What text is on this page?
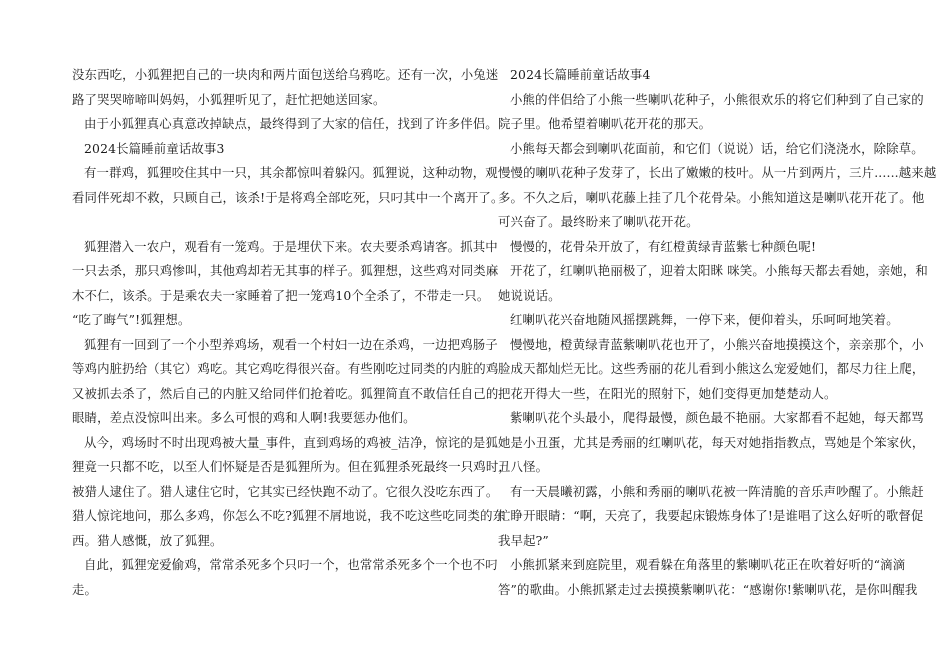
没东西吃，小狐狸把自己的一块肉和两片面包送给乌鸦吃。还有一次，小兔迷
路了哭哭啼啼叫妈妈，小狐狸听见了，赶忙把她送回家。
由于小狐狸真心真意改掉缺点，最终得到了大家的信任，找到了许多伴侣。
2024长篇睡前童话故事3
有一群鸡，狐狸咬住其中一只，其余都惊叫着躲闪。狐狸说，这种动物，观
看同伴死却不救，只顾自己，该杀!于是将鸡全部吃死，只叼其中一个离开了。
狐狸潜入一农户，观看有一笼鸡。于是埋伏下来。农夫要杀鸡请客。抓其中
一只去杀，那只鸡惨叫，其他鸡却若无其事的样子。狐狸想，这些鸡对同类麻
木不仁，该杀。于是乘农夫一家睡着了把一笼鸡10个全杀了，不带走一只。
“吃了晦气”!狐狸想。
狐狸有一回到了一个小型养鸡场，观看一个村妇一边在杀鸡，一边把鸡肠子
等鸡内脏扔给（其它）鸡吃。其它鸡吃得很兴奋。有些刚吃过同类的内脏的鸡
又被抓去杀了，然后自己的内脏又给同伴们抢着吃。狐狸简直不敢信任自己的
眼睛，差点没惊叫出来。多么可恨的鸡和人啊!我要惩办他们。
从今，鸡场时不时出现鸡被大量_事件，直到鸡场的鸡被_洁净，惊诧的是狐
狸竟一只都不吃，以至人们怀疑是否是狐狸所为。但在狐狸杀死最终一只鸡时，
被猎人逮住了。猎人逮住它时，它其实已经快跑不动了。它很久没吃东西了。
猎人惊诧地问，那么多鸡，你怎么不吃?狐狸不屑地说，我不吃这些吃同类的东
西。猎人感慨，放了狐狸。
自此，狐狸宠爱偷鸡，常常杀死多个只叼一个，也常常杀死多个一个也不叼
走。
2024长篇睡前童话故事4
小熊的伴侣给了小熊一些喇叭花种子，小熊很欢乐的将它们种到了自己家的
院子里。他希望着喇叭花开花的那天。
小熊每天都会到喇叭花面前，和它们（说说）话，给它们浇浇水，除除草。
慢慢的喇叭花种子发芽了，长出了嫩嫩的枝叶。从一片到两片，三片......越来越
多。不久之后，喇叭花藤上挂了几个花骨朵。小熊知道这是喇叭花开花了。他
可兴奋了。最终盼来了喇叭花开花。
慢慢的，花骨朵开放了，有红橙黄绿青蓝紫七种颜色呢!
开花了，红喇叭艳丽极了，迎着太阳眯 咪笑。小熊每天都去看她，亲她，和
她说说话。
红喇叭花兴奋地随风摇摆跳舞，一停下来，便仰着头，乐呵呵地笑着。
慢慢地，橙黄绿青蓝紫喇叭花也开了，小熊兴奋地摸摸这个，亲亲那个，小
脸成天都灿烂无比。这些秀丽的花儿看到小熊这么宠爱她们，都尽力往上爬，
把花开得大一些，在阳光的照射下，她们变得更加楚楚动人。
紫喇叭花个头最小，爬得最慢，颜色最不艳丽。大家都看不起她，每天都骂
她是小丑蛋，尤其是秀丽的红喇叭花，每天对她指指教点，骂她是个笨家伙，
丑八怪。
有一天晨曦初露，小熊和秀丽的喇叭花被一阵清脆的音乐声吵醒了。小熊赶
忙睁开眼睛：“啊，天亮了，我要起床锻炼身体了!是谁唱了这么好听的歌督促
我早起?”
小熊抓紧来到庭院里，观看躲在角落里的紫喇叭花正在吹着好听的“滴滴
答”的歌曲。小熊抓紧走过去摸摸紫喇叭花：“感谢你!紫喇叭花，是你叫醒我
